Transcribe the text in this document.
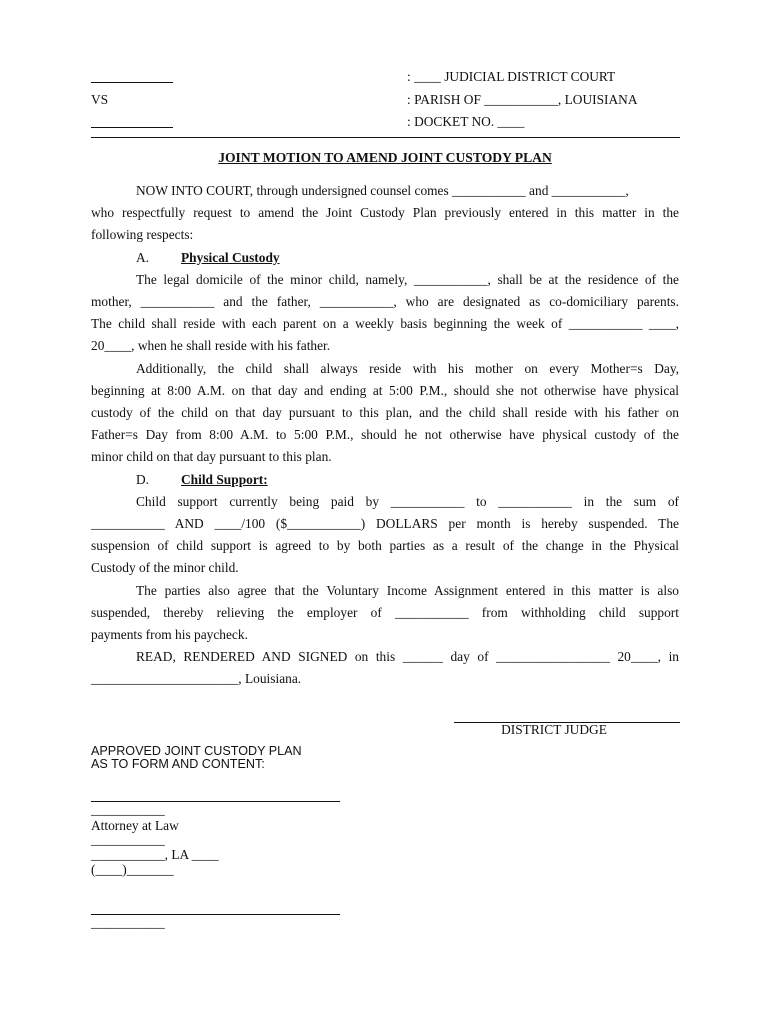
: ____ JUDICIAL DISTRICT COURT
VS	: PARISH OF ___________, LOUISIANA
: DOCKET NO. ____
JOINT MOTION TO AMEND JOINT CUSTODY PLAN

NOW INTO COURT, through undersigned counsel comes ___________ and ___________,

who respectfully request to amend the Joint Custody Plan previously entered in this matter in the

following respects:

A. Physical Custody

The legal domicile of the minor child, namely, ___________, shall be at the residence of the

mother, ___________ and the father, ___________, who are designated as co-domiciliary parents.

The child shall reside with each parent on a weekly basis beginning the week of ___________ ____,

20____, when he shall reside with his father.

Additionally, the child shall always reside with his mother on every Mother=s Day,

beginning at 8:00 A.M. on that day and ending at 5:00 P.M., should she not otherwise have physical

custody of the child on that day pursuant to this plan, and the child shall reside with his father on

Father=s Day from 8:00 A.M. to 5:00 P.M., should he not otherwise have physical custody of the

minor child on that day pursuant to this plan.

D. Child Support:

Child support currently being paid by ___________ to ___________ in the sum of

___________ AND ____/100 ($___________) DOLLARS per month is hereby suspended. The

suspension of child support is agreed to by both parties as a result of the change in the Physical

Custody of the minor child.

The parties also agree that the Voluntary Income Assignment entered in this matter is also

suspended, thereby relieving the employer of ___________ from withholding child support

payments from his paycheck.

READ, RENDERED AND SIGNED on this ______ day of _________________ 20____, in

______________________, Louisiana.

DISTRICT JUDGE
APPROVED JOINT CUSTODY PLAN
AS TO FORM AND CONTENT:
___________
Attorney at Law
___________
___________, LA ____
(____)_______
___________
